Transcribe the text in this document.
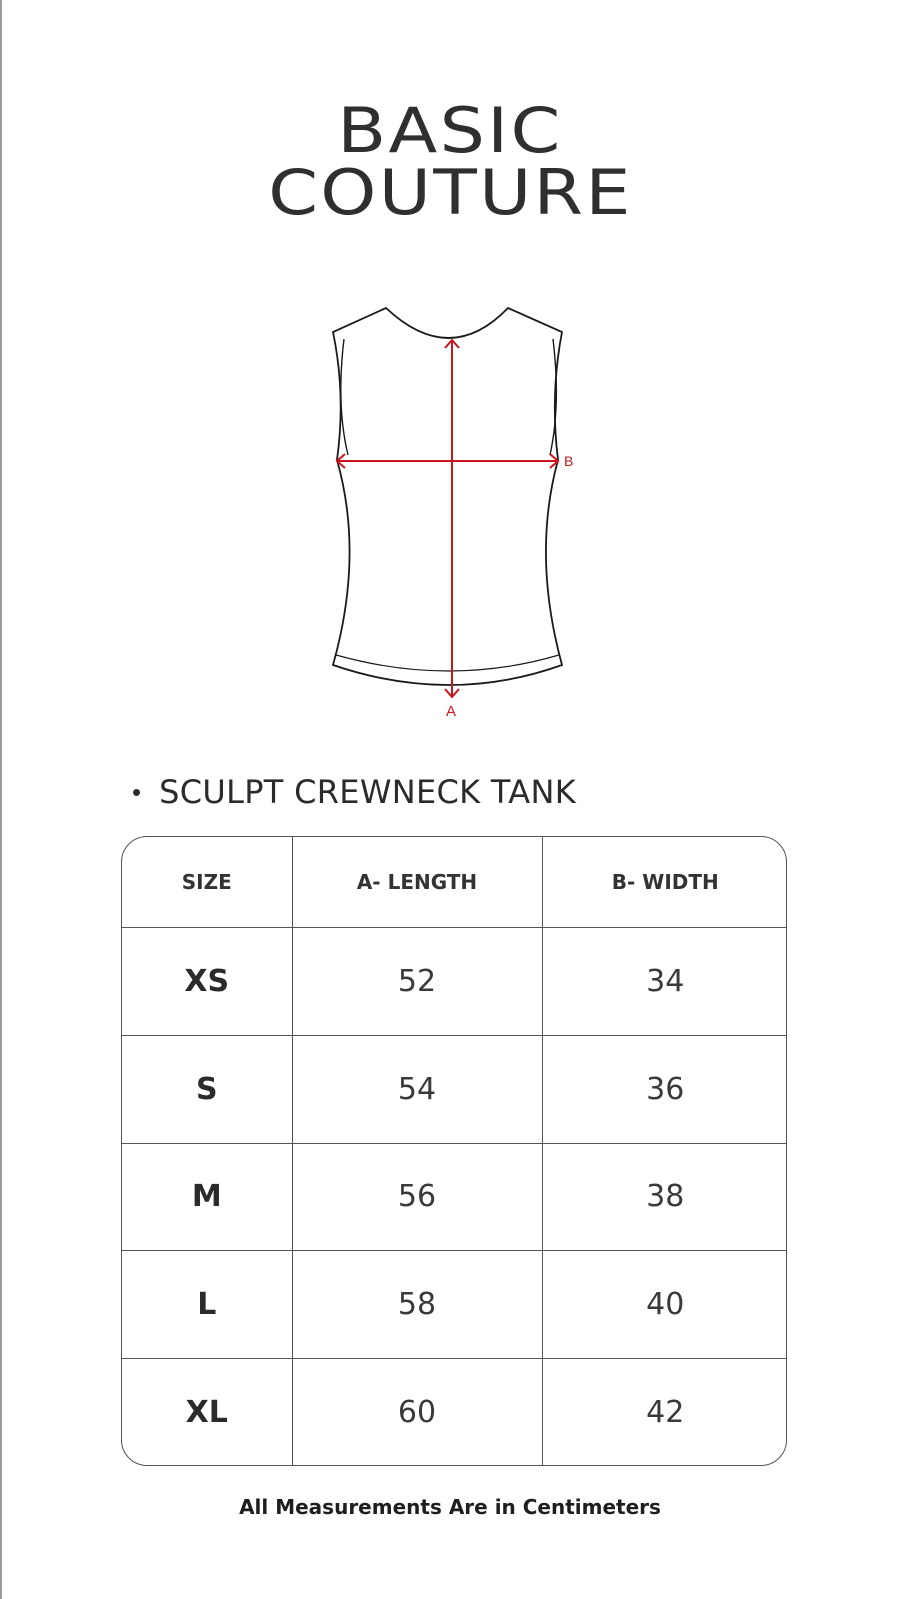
BASIC
COUTURE
A
B
• SCULPT CREWNECK TANK
SIZE	A- LENGTH	B- WIDTH
XS	52	34
S	54	36
M	56	38
L	58	40
XL	60	42
All Measurements Are in Centimeters
